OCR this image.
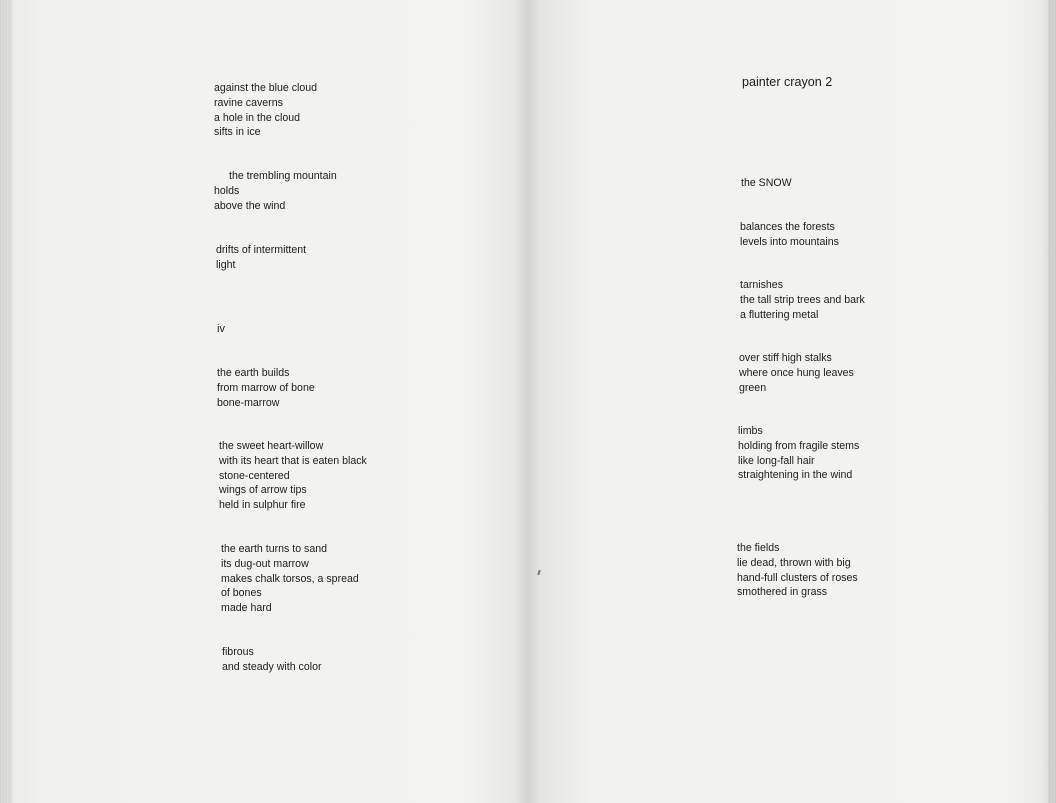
against the blue cloud
ravine caverns
a hole in the cloud
sifts in ice
the trembling mountain
holds
above the wind
drifts of intermittent
light
iv
the earth builds
from marrow of bone
bone-marrow
the sweet heart-willow
with its heart that is eaten black
stone-centered
wings of arrow tips
held in sulphur fire
the earth turns to sand
its dug-out marrow
makes chalk torsos, a spread
of bones
made hard
fibrous
and steady with color
painter crayon 2
the SNOW
balances the forests
levels into mountains
tarnishes
the tall strip trees and bark
a fluttering metal
over stiff high stalks
where once hung leaves
green
limbs
holding from fragile stems
like long-fall hair
straightening in the wind
the fields
lie dead, thrown with big
hand-full clusters of roses
smothered in grass
